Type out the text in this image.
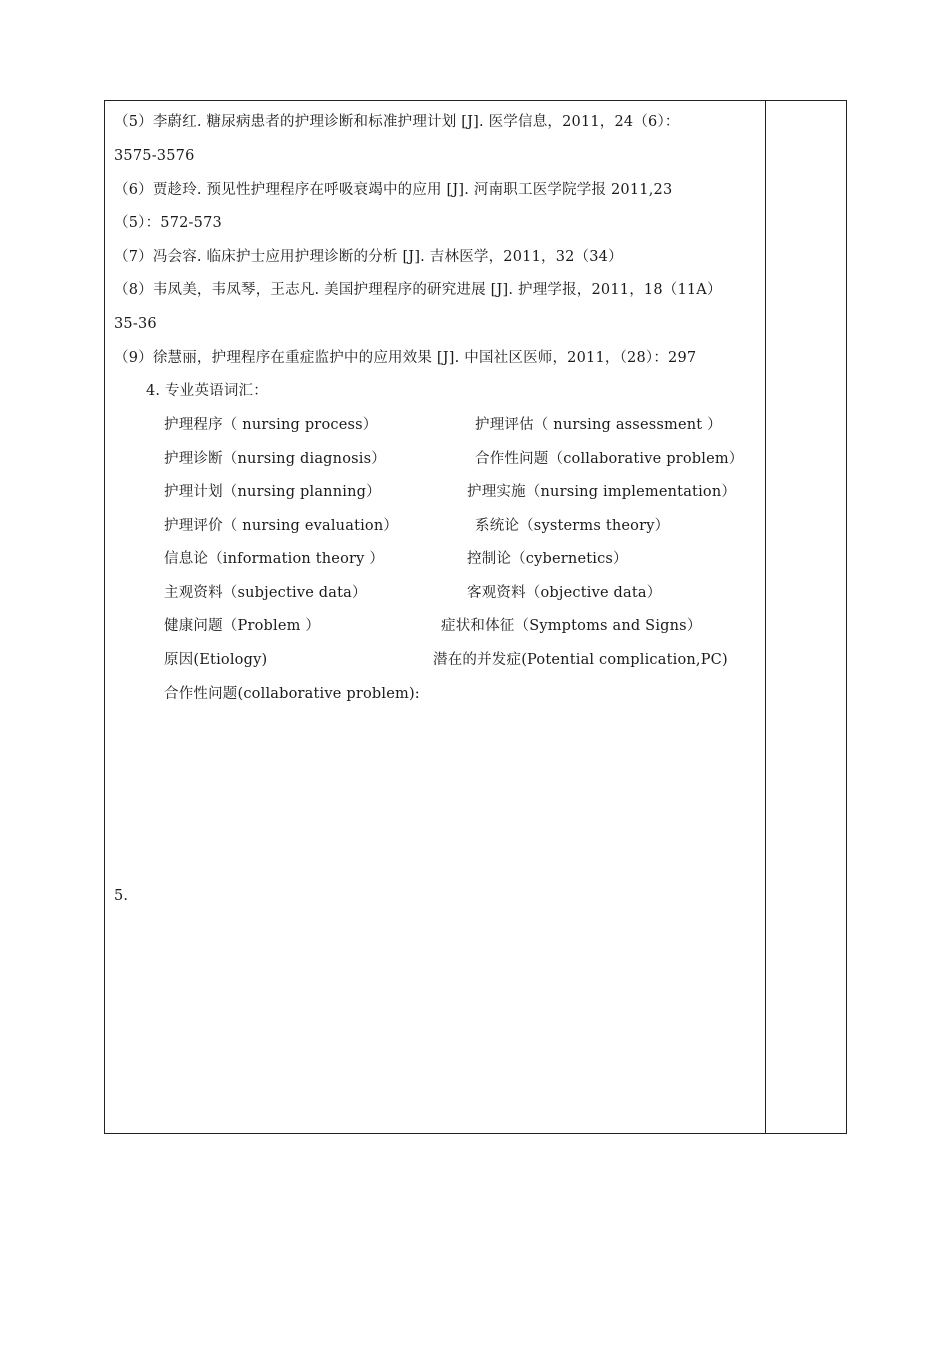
（5）李蔚红. 糖尿病患者的护理诊断和标准护理计划 [J]. 医学信息，2011，24（6）：
3575-3576
（6）贾趁玲. 预见性护理程序在呼吸衰竭中的应用 [J]. 河南职工医学院学报 2011,23
（5）：572-573
（7）冯会容. 临床护士应用护理诊断的分析 [J]. 吉林医学，2011，32（34）
（8）韦凤美，韦凤琴，王志凡. 美国护理程序的研究进展 [J]. 护理学报，2011，18（11A）
35-36
（9）徐慧丽，护理程序在重症监护中的应用效果 [J]. 中国社区医师，2011，（28）：297
4. 专业英语词汇：
护理程序（ nursing process）	护理评估（ nursing assessment ）
护理诊断（nursing diagnosis）	合作性问题（collaborative problem）
护理计划（nursing planning）	护理实施（nursing implementation）
护理评价（ nursing evaluation）	系统论（systerms theory）
信息论（information theory ）	控制论（cybernetics）
主观资料（subjective data）	客观资料（objective data）
健康问题（Problem ）	症状和体征（Symptoms and Signs）
原因(Etiology)	潜在的并发症(Potential complication,PC)
合作性问题(collaborative problem):
5.
